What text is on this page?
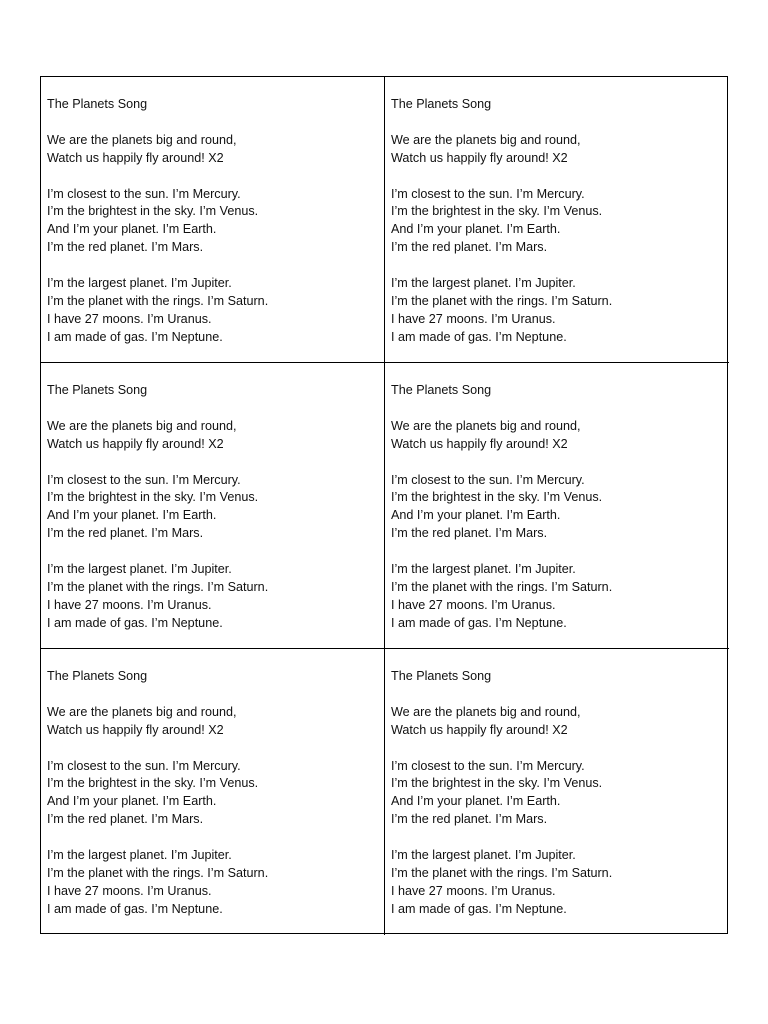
The Planets Song
We are the planets big and round,
Watch us happily fly around! X2
I’m closest to the sun. I’m Mercury.
I’m the brightest in the sky. I’m Venus.
And I’m your planet. I’m Earth.
I’m the red planet. I’m Mars.
I’m the largest planet. I’m Jupiter.
I’m the planet with the rings. I’m Saturn.
I have 27 moons. I’m Uranus.
I am made of gas. I’m Neptune.
The Planets Song
We are the planets big and round,
Watch us happily fly around! X2
I’m closest to the sun. I’m Mercury.
I’m the brightest in the sky. I’m Venus.
And I’m your planet. I’m Earth.
I’m the red planet. I’m Mars.
I’m the largest planet. I’m Jupiter.
I’m the planet with the rings. I’m Saturn.
I have 27 moons. I’m Uranus.
I am made of gas. I’m Neptune.
The Planets Song
We are the planets big and round,
Watch us happily fly around! X2
I’m closest to the sun. I’m Mercury.
I’m the brightest in the sky. I’m Venus.
And I’m your planet. I’m Earth.
I’m the red planet. I’m Mars.
I’m the largest planet. I’m Jupiter.
I’m the planet with the rings. I’m Saturn.
I have 27 moons. I’m Uranus.
I am made of gas. I’m Neptune.
The Planets Song
We are the planets big and round,
Watch us happily fly around! X2
I’m closest to the sun. I’m Mercury.
I’m the brightest in the sky. I’m Venus.
And I’m your planet. I’m Earth.
I’m the red planet. I’m Mars.
I’m the largest planet. I’m Jupiter.
I’m the planet with the rings. I’m Saturn.
I have 27 moons. I’m Uranus.
I am made of gas. I’m Neptune.
The Planets Song
We are the planets big and round,
Watch us happily fly around! X2
I’m closest to the sun. I’m Mercury.
I’m the brightest in the sky. I’m Venus.
And I’m your planet. I’m Earth.
I’m the red planet. I’m Mars.
I’m the largest planet. I’m Jupiter.
I’m the planet with the rings. I’m Saturn.
I have 27 moons. I’m Uranus.
I am made of gas. I’m Neptune.
The Planets Song
We are the planets big and round,
Watch us happily fly around! X2
I’m closest to the sun. I’m Mercury.
I’m the brightest in the sky. I’m Venus.
And I’m your planet. I’m Earth.
I’m the red planet. I’m Mars.
I’m the largest planet. I’m Jupiter.
I’m the planet with the rings. I’m Saturn.
I have 27 moons. I’m Uranus.
I am made of gas. I’m Neptune.
